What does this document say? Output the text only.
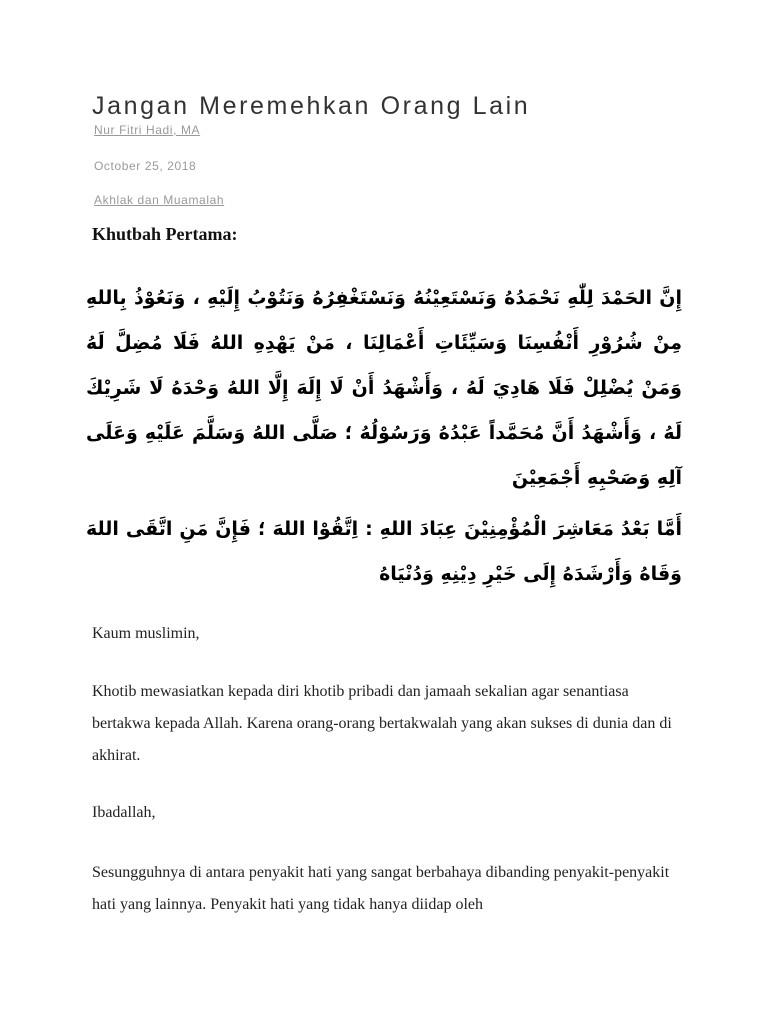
Jangan Meremehkan Orang Lain
Nur Fitri Hadi, MA
October 25, 2018
Akhlak dan Muamalah
Khutbah Pertama:
إِنَّ الحَمْدَ لِلّٰهِ نَحْمَدُهُ وَنَسْتَعِيْنُهُ وَنَسْتَغْفِرُهُ وَنَتُوْبُ إِلَيْهِ ، وَنَعُوْذُ بِاللهِ مِنْ شُرُوْرِ أَنْفُسِنَا وَسَيِّئَاتِ أَعْمَالِنَا ، مَنْ يَهْدِهِ اللهُ فَلَا مُضِلَّ لَهُ وَمَنْ يُضْلِلْ فَلَا هَادِيَ لَهُ ، وَأَشْهَدُ أَنْ لَا إِلَهَ إِلَّا اللهُ وَحْدَهُ لَا شَرِيْكَ لَهُ ، وَأَشْهَدُ أَنَّ مُحَمَّداً عَبْدُهُ وَرَسُوْلُهُ ؛ صَلَّى اللهُ وَسَلَّمَ عَلَيْهِ وَعَلَى آلِهِ وَصَحْبِهِ أَجْمَعِيْنَ
أَمَّا بَعْدُ مَعَاشِرَ الْمُؤْمِنِيْنَ عِبَادَ اللهِ : اِتَّقُوْا اللهَ ؛ فَإِنَّ مَنِ اتَّقَى اللهَ وَقَاهُ وَأَرْشَدَهُ إِلَى خَيْرِ دِيْنِهِ وَدُنْيَاهُ

Kaum muslimin,

Khotib mewasiatkan kepada diri khotib pribadi dan jamaah sekalian agar senantiasa bertakwa kepada Allah. Karena orang-orang bertakwalah yang akan sukses di dunia dan di akhirat.

Ibadallah,

Sesungguhnya di antara penyakit hati yang sangat berbahaya dibanding penyakit-penyakit hati yang lainnya. Penyakit hati yang tidak hanya diidap oleh
